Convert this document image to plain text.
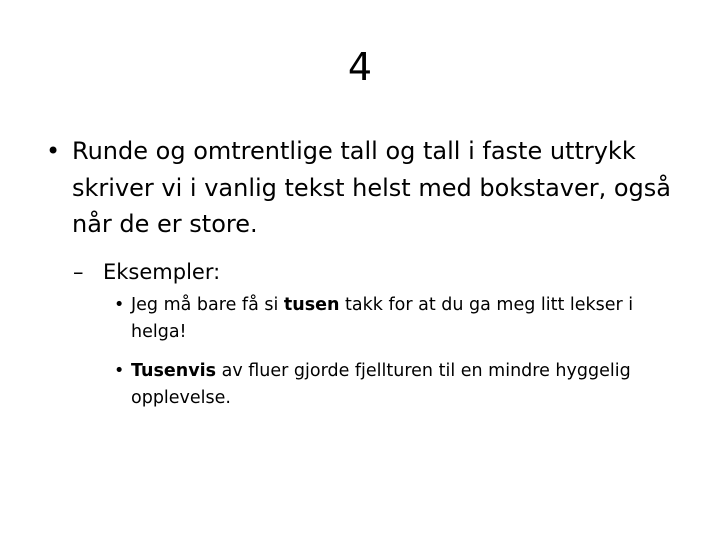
4
• Runde og omtrentlige tall og tall i faste uttrykk skriver vi i vanlig tekst helst med bokstaver, også når de er store.
– Eksempler:
• Jeg må bare få si tusen takk for at du ga meg litt lekser i helga!
• Tusenvis av fluer gjorde fjellturen til en mindre hyggelig opplevelse.
